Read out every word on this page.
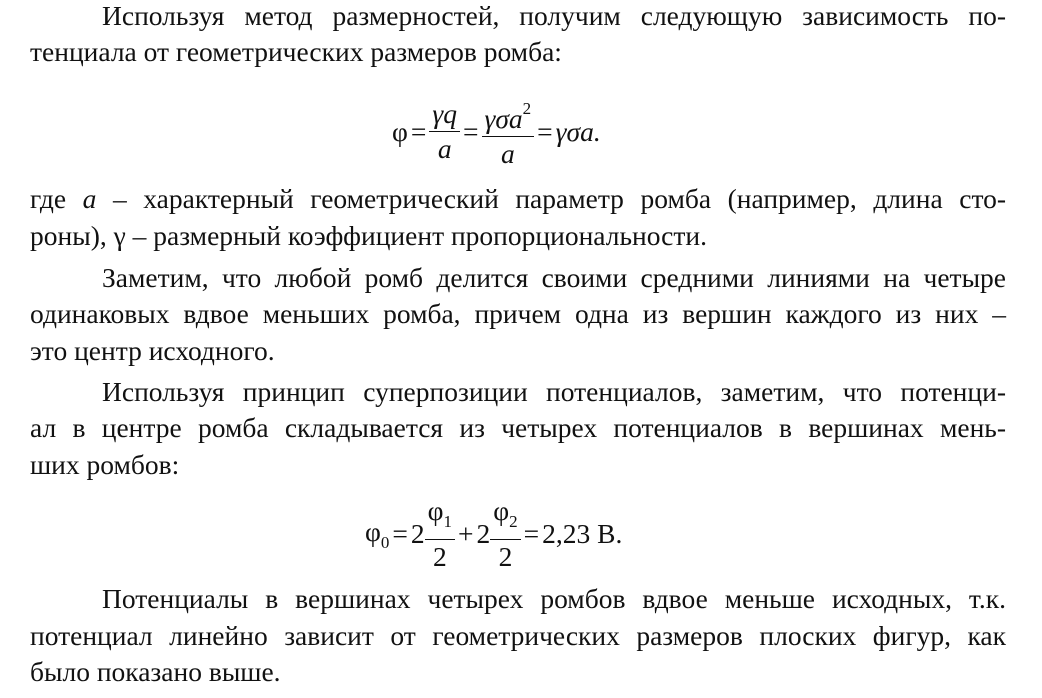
Используя метод размерностей, получим следующую зависимость по-
тенциала от геометрических размеров ромба:
$\varphi = \frac{\gamma q}{a} = \frac{\gamma\sigma a^2}{a} = \gamma\sigma a$.
где a – характерный геометрический параметр ромба (например, длина сто-
роны), γ – размерный коэффициент пропорциональности.
Заметим, что любой ромб делится своими средними линиями на четыре
одинаковых вдвое меньших ромба, причем одна из вершин каждого из них –
это центр исходного.
Используя принцип суперпозиции потенциалов, заметим, что потенци-
ал в центре ромба складывается из четырех потенциалов в вершинах мень-
ших ромбов:
$\varphi_0 = 2 \frac{\varphi_1}{2} + 2 \frac{\varphi_2}{2} = 2,23$ В.
Потенциалы в вершинах четырех ромбов вдвое меньше исходных, т.к.
потенциал линейно зависит от геометрических размеров плоских фигур, как
было показано выше.
